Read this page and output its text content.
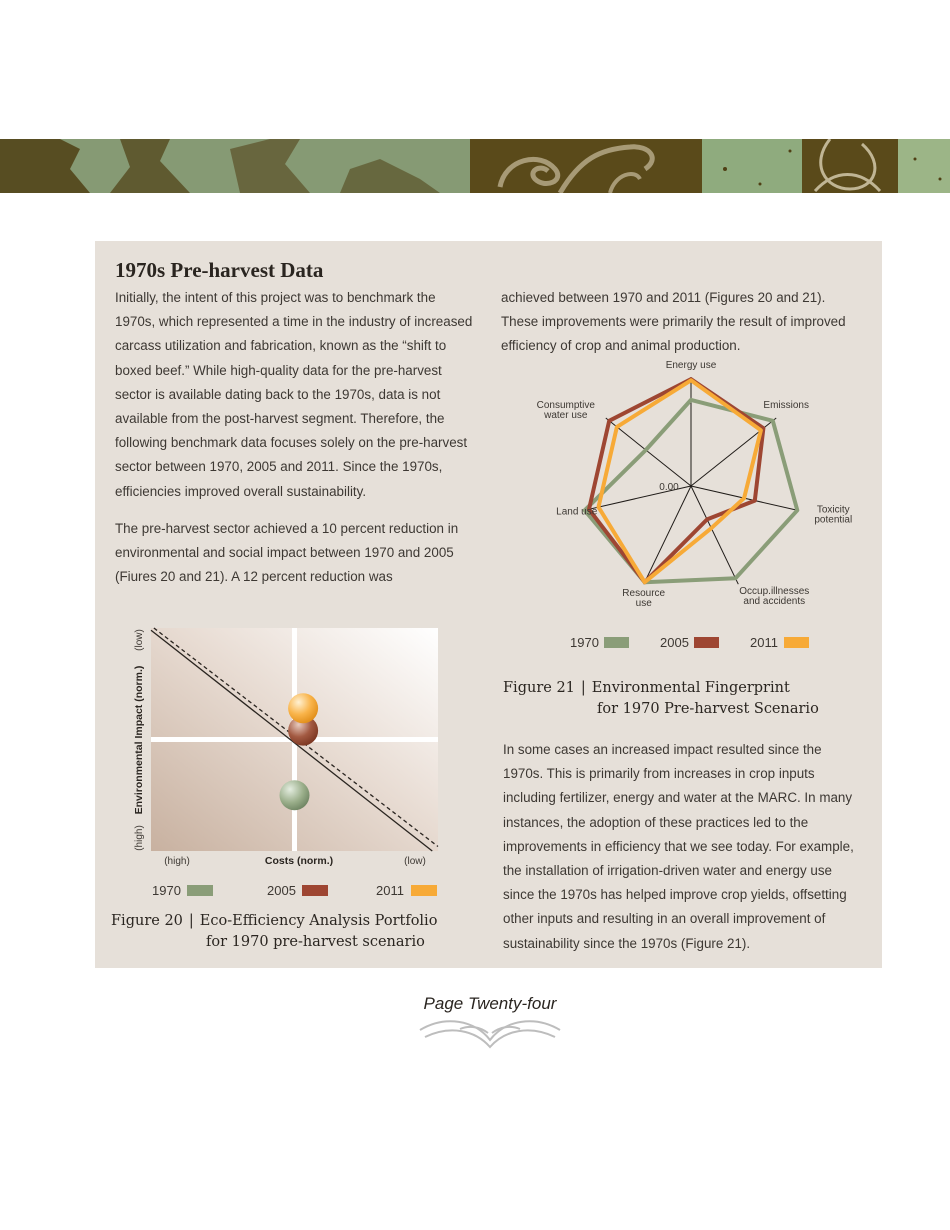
1970s Pre-harvest Data

Initially, the intent of this project was to benchmark the 1970s, which represented a time in the industry of increased carcass utilization and fabrication, known as the “shift to boxed beef.” While high-quality data for the pre-harvest sector is available dating back to the 1970s, data is not available from the post-harvest segment. Therefore, the following benchmark data focuses solely on the pre-harvest sector between 1970, 2005 and 2011. Since the 1970s, efficiencies improved overall sustainability.

The pre-harvest sector achieved a 10 percent reduction in environmental and social impact between 1970 and 2005 (Fiures 20 and 21). A 12 percent reduction was

achieved between 1970 and 2011 (Figures 20 and 21). These improvements were primarily the result of improved efficiency of crop and animal production.

In some cases an increased impact resulted since the 1970s. This is primarily from increases in crop inputs including fertilizer, energy and water at the MARC. In many instances, the adoption of these practices led to the improvements in efficiency that we see today. For example, the installation of irrigation-driven water and energy use since the 1970s has helped improve crop yields, offsetting other inputs and resulting in an overall improvement of sustainability since the 1970s (Figure 21).

Environmental Impact (norm.)
(low)
(high)
Costs (norm.)
(high)	(low)
1970	2005	2011
Figure 20 | Eco-Efficiency Analysis Portfolio
for 1970 pre-harvest scenario
Energy use
Emissions
Toxicity potential
Occup.illnesses and accidents
Resource use
Land use
Consumptive water use
0.00
1970	2005	2011
Figure 21 | Environmental Fingerprint
for 1970 Pre-harvest Scenario
Page Twenty-four
